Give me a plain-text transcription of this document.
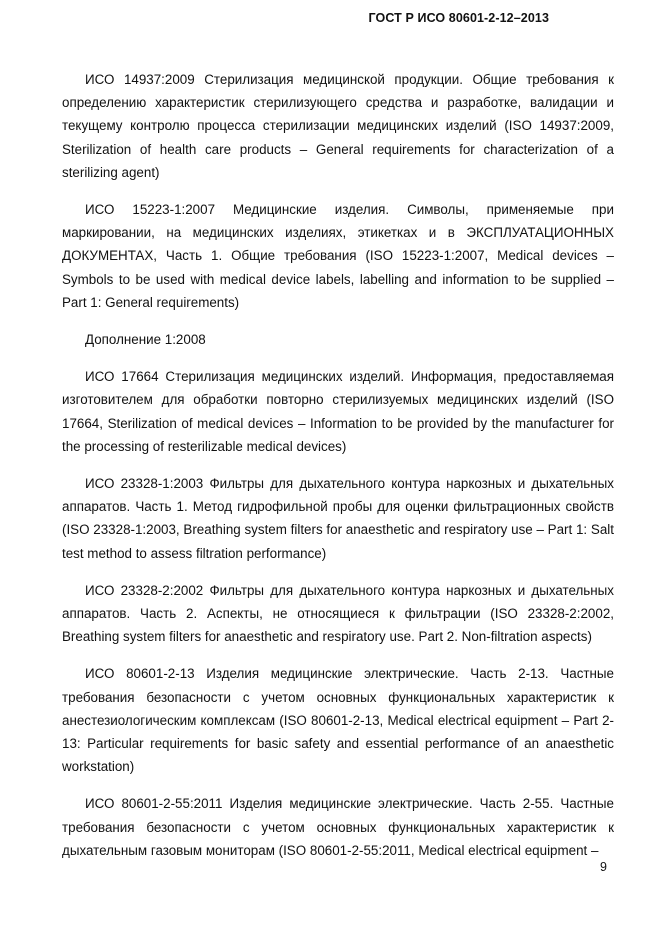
ГОСТ Р ИСО 80601-2-12–2013

ИСО 14937:2009 Стерилизация медицинской продукции. Общие требования к определению характеристик стерилизующего средства и разработке, валидации и текущему контролю процесса стерилизации медицинских изделий (ISO 14937:2009, Sterilization of health care products – General requirements for characterization of a sterilizing agent)

ИСО 15223-1:2007 Медицинские изделия. Символы, применяемые при маркировании, на медицинских изделиях, этикетках и в ЭКСПЛУАТАЦИОННЫХ ДОКУМЕНТАХ, Часть 1. Общие требования (ISO 15223-1:2007, Medical devices – Symbols to be used with medical device labels, labelling and information to be supplied – Part 1: General requirements)

Дополнение 1:2008

ИСО 17664 Стерилизация медицинских изделий. Информация, предоставляемая изготовителем для обработки повторно стерилизуемых медицинских изделий (ISO 17664, Sterilization of medical devices – Information to be provided by the manufacturer for the processing of resterilizable medical devices)

ИСО 23328-1:2003 Фильтры для дыхательного контура наркозных и дыхательных аппаратов. Часть 1. Метод гидрофильной пробы для оценки фильтрационных свойств (ISO 23328-1:2003, Breathing system filters for anaesthetic and respiratory use – Part 1: Salt test method to assess filtration performance)

ИСО 23328-2:2002 Фильтры для дыхательного контура наркозных и дыхательных аппаратов. Часть 2. Аспекты, не относящиеся к фильтрации (ISO 23328-2:2002, Breathing system filters for anaesthetic and respiratory use. Part 2. Non-filtration aspects)

ИСО 80601-2-13 Изделия медицинские электрические. Часть 2-13. Частные требования безопасности с учетом основных функциональных характеристик к анестезиологическим комплексам (ISO 80601-2-13, Medical electrical equipment – Part 2-13: Particular requirements for basic safety and essential performance of an anaesthetic workstation)

ИСО 80601-2-55:2011 Изделия медицинские электрические. Часть 2-55. Частные требования безопасности с учетом основных функциональных характеристик к дыхательным газовым мониторам (ISO 80601-2-55:2011, Medical electrical equipment –

9
